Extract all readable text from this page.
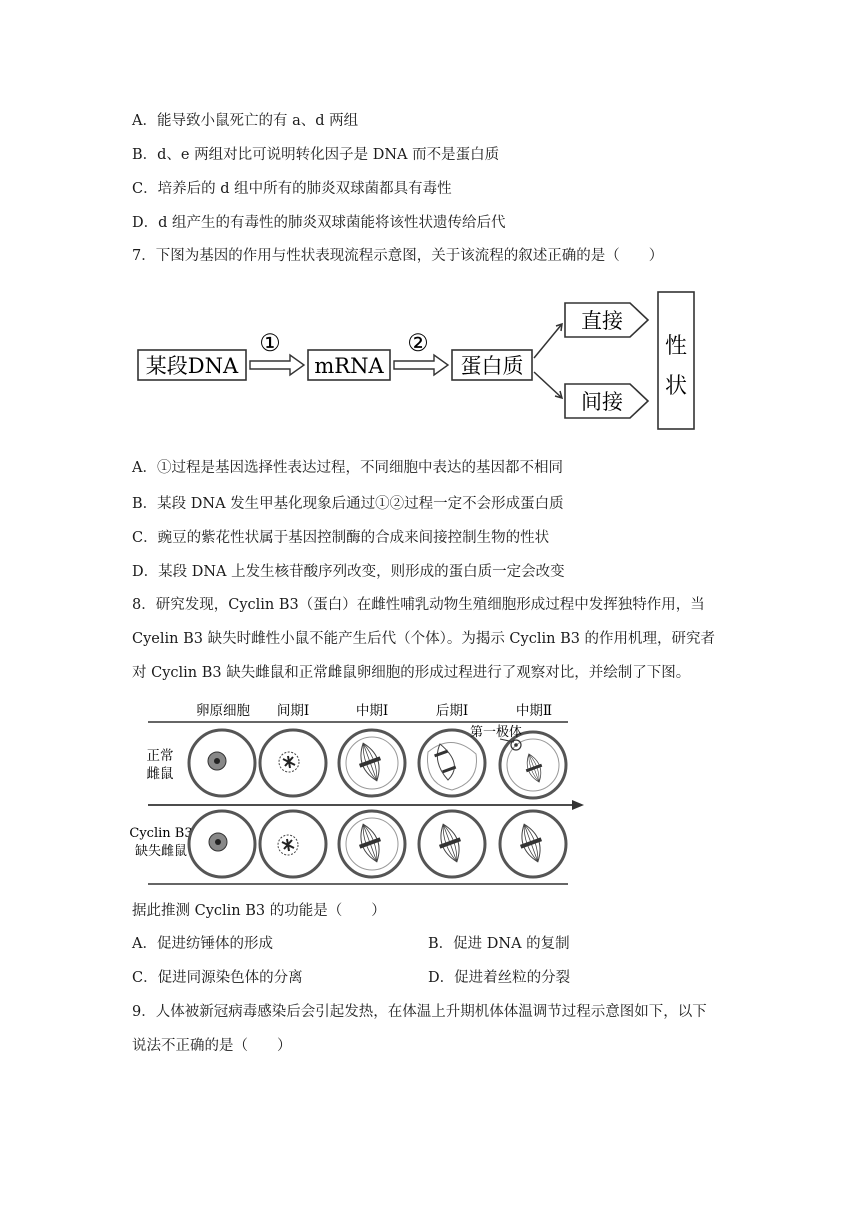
A．能导致小鼠死亡的有 a、d 两组
B．d、e 两组对比可说明转化因子是 DNA 而不是蛋白质
C．培养后的 d 组中所有的肺炎双球菌都具有毒性
D．d 组产生的有毒性的肺炎双球菌能将该性状遗传给后代
7．下图为基因的作用与性状表现流程示意图，关于该流程的叙述正确的是（　　）
某段DNA
①
mRNA
②
蛋白质
直接
间接
性
状
A．①过程是基因选择性表达过程，不同细胞中表达的基因都不相同
B．某段 DNA 发生甲基化现象后通过①②过程一定不会形成蛋白质
C．豌豆的紫花性状属于基因控制酶的合成来间接控制生物的性状
D．某段 DNA 上发生核苷酸序列改变，则形成的蛋白质一定会改变
8．研究发现，Cyclin B3（蛋白）在雌性哺乳动物生殖细胞形成过程中发挥独特作用，当
Cyelin B3 缺失时雌性小鼠不能产生后代（个体）。为揭示 Cyclin B3 的作用机理，研究者
对 Cyclin B3 缺失雌鼠和正常雌鼠卵细胞的形成过程进行了观察对比，并绘制了下图。
卵原细胞 间期Ⅰ	中期Ⅰ	后期Ⅰ	中期Ⅱ
正常
雌鼠
Cyclin B3
缺失雌鼠
第一极体
据此推测 Cyclin B3 的功能是（　　）
A．促进纺锤体的形成	B．促进 DNA 的复制
C．促进同源染色体的分离	D．促进着丝粒的分裂
9．人体被新冠病毒感染后会引起发热，在体温上升期机体体温调节过程示意图如下，以下
说法不正确的是（　　）
